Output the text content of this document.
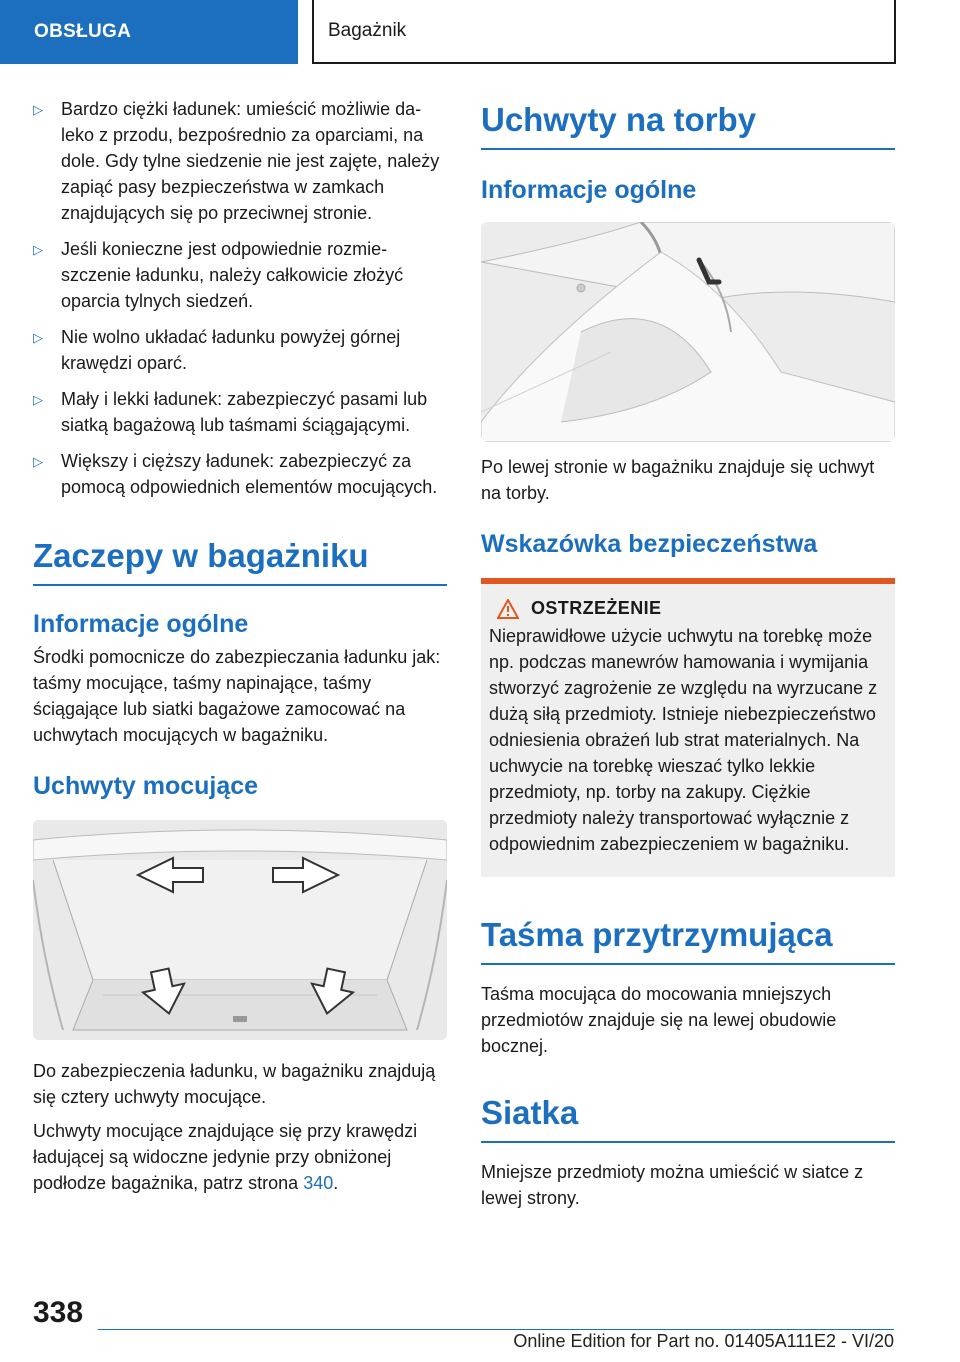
OBSŁUGA	Bagażnik
▷	Bardzo ciężki ładunek: umieścić możliwie daleko z przodu, bezpośrednio za oparciami, na dole. Gdy tylne siedzenie nie jest zajęte, należy zapiąć pasy bezpieczeństwa w zamkach znajdujących się po przeciwnej stronie.
▷	Jeśli konieczne jest odpowiednie rozmieszczenie ładunku, należy całkowicie złożyć oparcia tylnych siedzeń.
▷	Nie wolno układać ładunku powyżej górnej krawędzi oparć.
▷	Mały i lekki ładunek: zabezpieczyć pasami lub siatką bagażową lub taśmami ściągającymi.
▷	Większy i cięższy ładunek: zabezpieczyć za pomocą odpowiednich elementów mocujących.
Zaczepy w bagażniku
Informacje ogólne

Środki pomocnicze do zabezpieczania ładunku jak: taśmy mocujące, taśmy napinające, taśmy ściągające lub siatki bagażowe zamocować na uchwytach mocujących w bagażniku.

Uchwyty mocujące

Do zabezpieczenia ładunku, w bagażniku znajdują się cztery uchwyty mocujące.

Uchwyty mocujące znajdujące się przy krawędzi ładującej są widoczne jedynie przy obniżonej podłodze bagażnika, patrz strona 340.

Uchwyty na torby
Informacje ogólne

Po lewej stronie w bagażniku znajduje się uchwyt na torby.

Wskazówka bezpieczeństwa
OSTRZEŻENIE

Nieprawidłowe użycie uchwytu na torebkę może np. podczas manewrów hamowania i wymijania stworzyć zagrożenie ze względu na wyrzucane z dużą siłą przedmioty. Istnieje niebezpieczeństwo odniesienia obrażeń lub strat materialnych. Na uchwycie na torebkę wieszać tylko lekkie przedmioty, np. torby na zakupy. Ciężkie przedmioty należy transportować wyłącznie z odpowiednim zabezpieczeniem w bagażniku.

Taśma przytrzymująca

Taśma mocująca do mocowania mniejszych przedmiotów znajduje się na lewej obudowie bocznej.

Siatka

Mniejsze przedmioty można umieścić w siatce z lewej strony.

338
Online Edition for Part no. 01405A111E2 - VI/20
